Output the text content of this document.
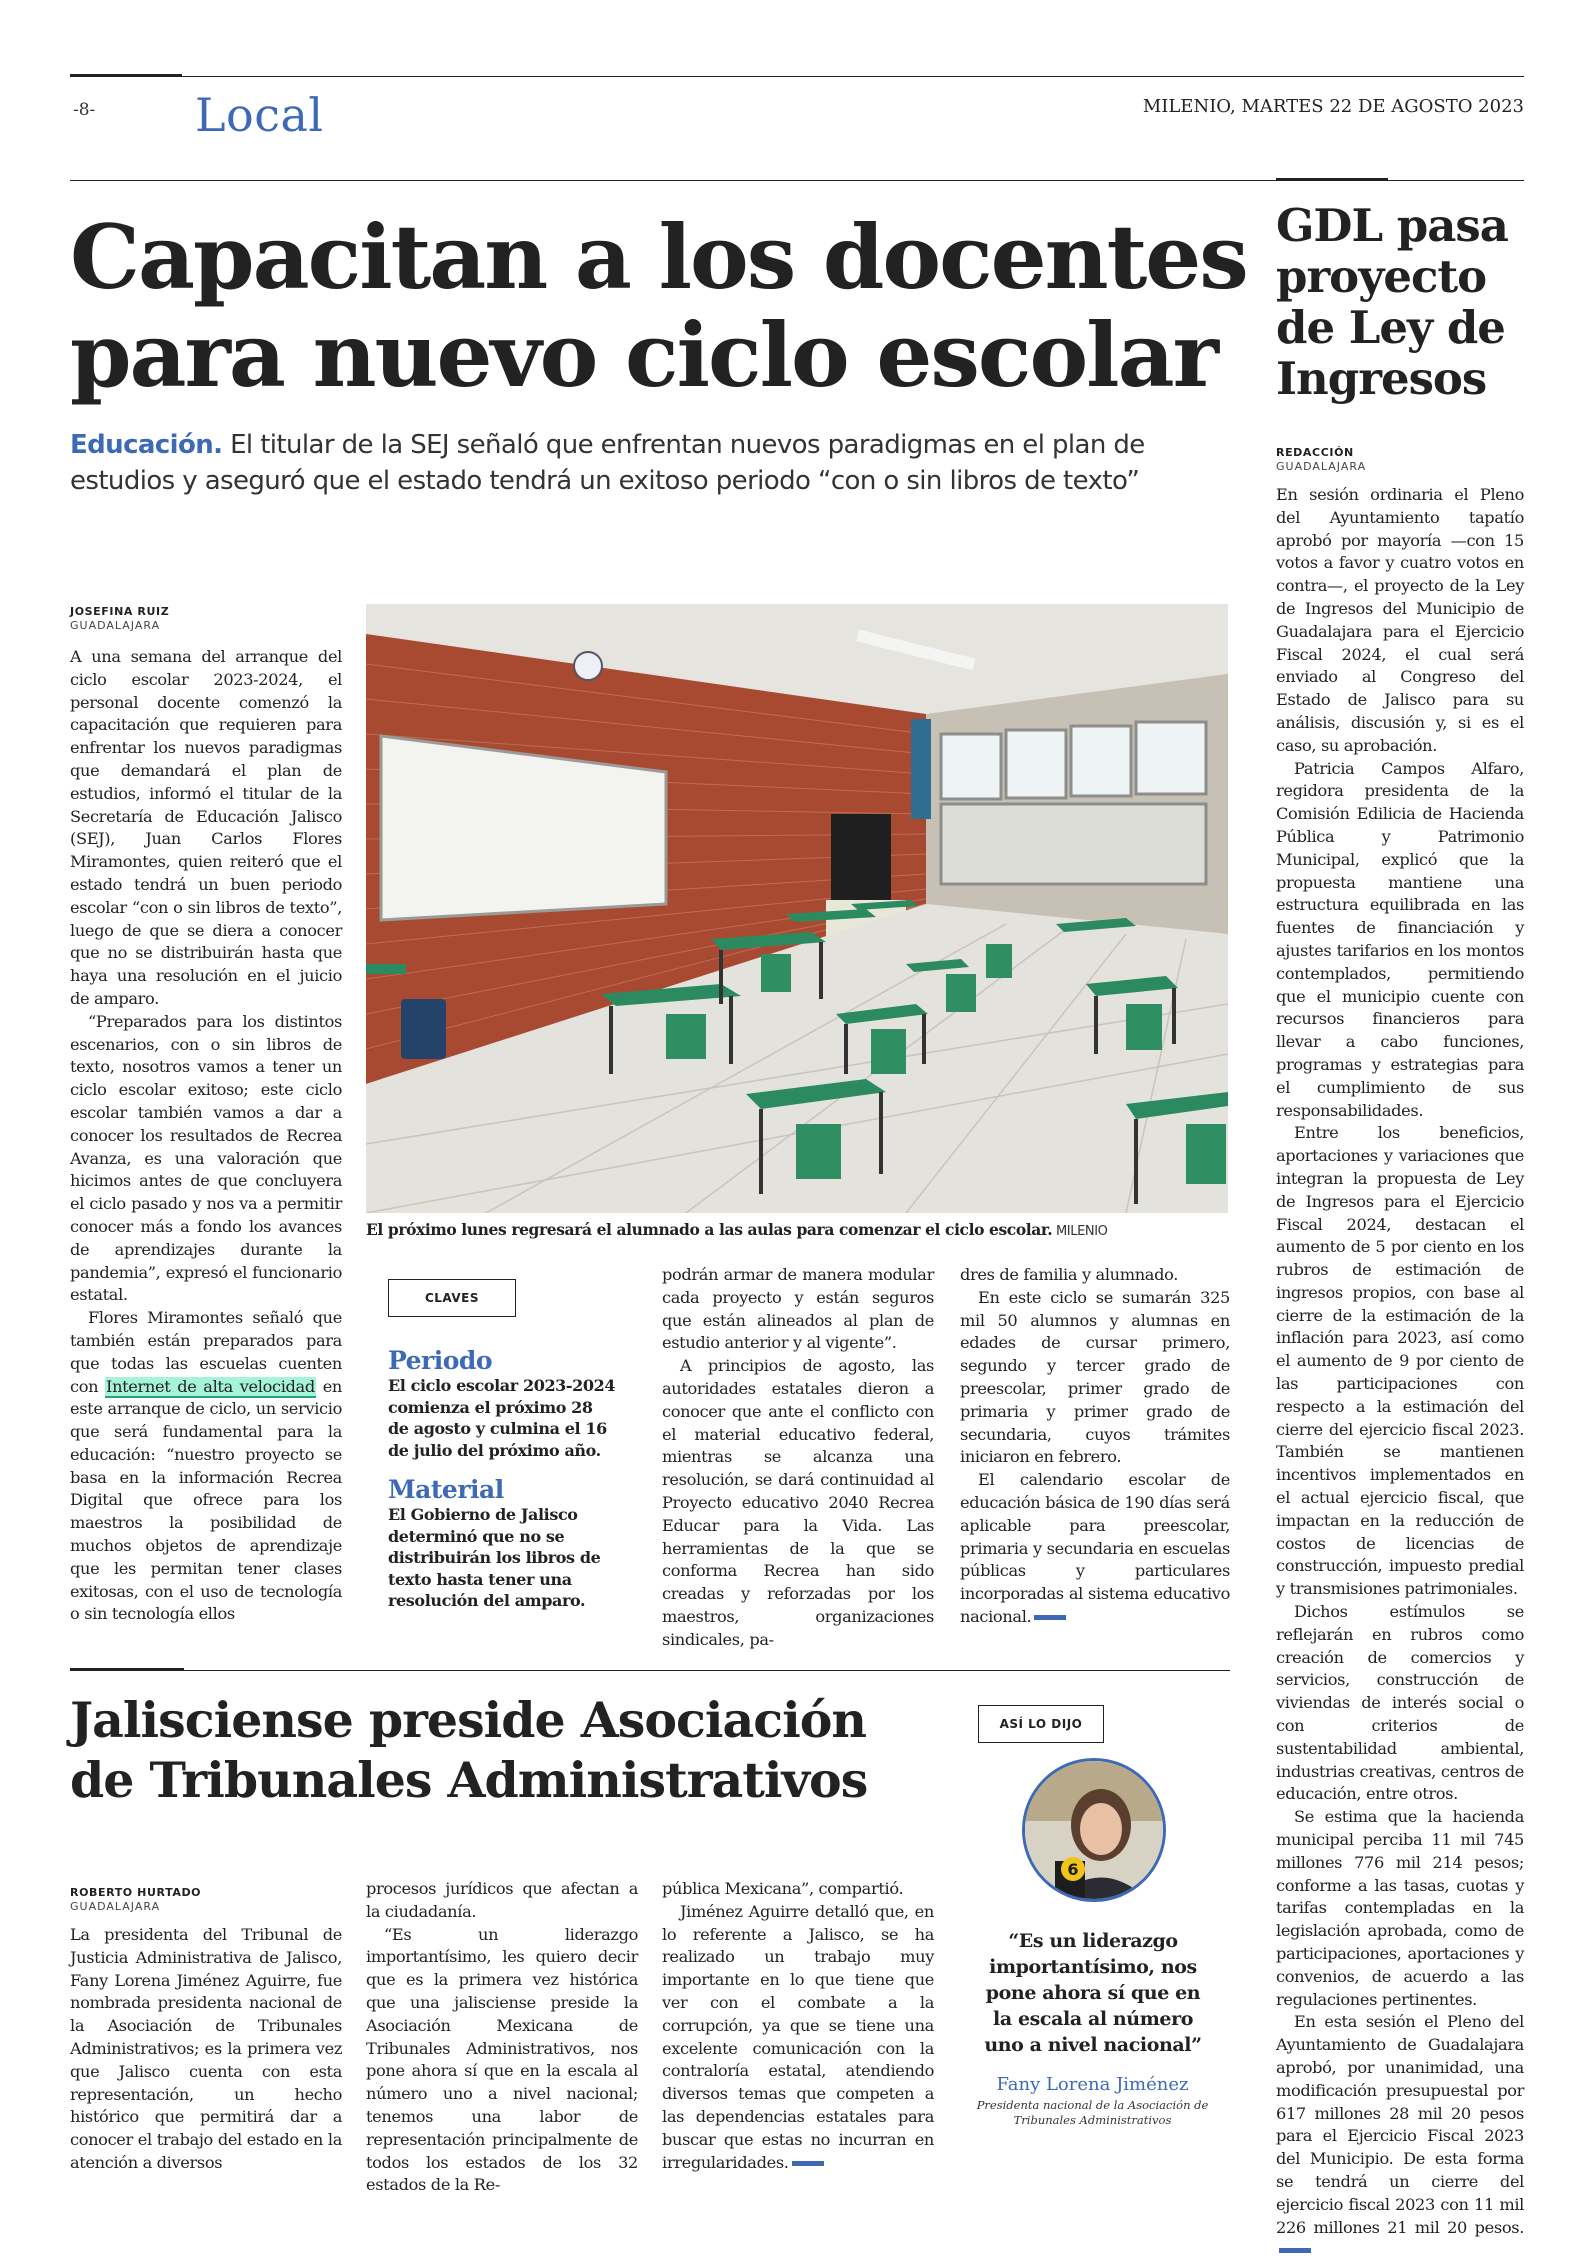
-8- Local	MILENIO, MARTES 22 DE AGOSTO 2023
Capacitan a los docentes
para nuevo ciclo escolar
Educación. El titular de la SEJ señaló que enfrentan nuevos paradigmas en el plan de
estudios y aseguró que el estado tendrá un exitoso periodo “con o sin libros de texto”
JOSEFINA RUIZ
GUADALAJARA

A una semana del arranque del ciclo escolar 2023-2024, el personal docente comenzó la capacitación que requieren para enfrentar los nuevos paradigmas que demandará el plan de estudios, informó el titular de la Secretaría de Educación Jalisco (SEJ), Juan Carlos Flores Miramontes, quien reiteró que el estado tendrá un buen periodo escolar “con o sin libros de texto”, luego de que se diera a conocer que no se distribuirán hasta que haya una resolución en el juicio de amparo.

“Preparados para los distintos escenarios, con o sin libros de texto, nosotros vamos a tener un ciclo escolar exitoso; este ciclo escolar también vamos a dar a conocer los resultados de Recrea Avanza, es una valoración que hicimos antes de que concluyera el ciclo pasado y nos va a permitir conocer más a fondo los avances de aprendizajes durante la pandemia”, expresó el funcionario estatal.

Flores Miramontes señaló que también están preparados para que todas las escuelas cuenten con Internet de alta velocidad en este arranque de ciclo, un servicio que será fundamental para la educación: “nuestro proyecto se basa en la información Recrea Digital que ofrece para los maestros la posibilidad de muchos objetos de aprendizaje que les permitan tener clases exitosas, con el uso de tecnología o sin tecnología ellos

El próximo lunes regresará el alumnado a las aulas para comenzar el ciclo escolar. MILENIO
CLAVES
Periodo
El ciclo escolar 2023-2024 comienza el próximo 28 de agosto y culmina el 16 de julio del próximo año.
Material
El Gobierno de Jalisco determinó que no se distribuirán los libros de texto hasta tener una resolución del amparo.

podrán armar de manera modular cada proyecto y están seguros que están alineados al plan de estudio anterior y al vigente”.

A principios de agosto, las autoridades estatales dieron a conocer que ante el conflicto con el material educativo federal, mientras se alcanza una resolución, se dará continuidad al Proyecto educativo 2040 Recrea Educar para la Vida. Las herramientas de la que se conforma Recrea han sido creadas y reforzadas por los maestros, organizaciones sindicales, pa-

dres de familia y alumnado.

En este ciclo se sumarán 325 mil 50 alumnos y alumnas en edades de cursar primero, segundo y tercer grado de preescolar, primer grado de primaria y primer grado de secundaria, cuyos trámites iniciaron en febrero.

El calendario escolar de educación básica de 190 días será aplicable para preescolar, primaria y secundaria en escuelas públicas y particulares incorporadas al sistema educativo nacional.

GDL pasa proyecto de Ley de Ingresos
REDACCIÓN
GUADALAJARA

En sesión ordinaria el Pleno del Ayuntamiento tapatío aprobó por mayoría —con 15 votos a favor y cuatro votos en contra—, el proyecto de la Ley de Ingresos del Municipio de Guadalajara para el Ejercicio Fiscal 2024, el cual será enviado al Congreso del Estado de Jalisco para su análisis, discusión y, si es el caso, su aprobación.

Patricia Campos Alfaro, regidora presidenta de la Comisión Edilicia de Hacienda Pública y Patrimonio Municipal, explicó que la propuesta mantiene una estructura equilibrada en las fuentes de financiación y ajustes tarifarios en los montos contemplados, permitiendo que el municipio cuente con recursos financieros para llevar a cabo funciones, programas y estrategias para el cumplimiento de sus responsabilidades.

Entre los beneficios, aportaciones y variaciones que integran la propuesta de Ley de Ingresos para el Ejercicio Fiscal 2024, destacan el aumento de 5 por ciento en los rubros de estimación de ingresos propios, con base al cierre de la estimación de la inflación para 2023, así como el aumento de 9 por ciento de las participaciones con respecto a la estimación del cierre del ejercicio fiscal 2023. También se mantienen incentivos implementados en el actual ejercicio fiscal, que impactan en la reducción de costos de licencias de construcción, impuesto predial y transmisiones patrimoniales.

Dichos estímulos se reflejarán en rubros como creación de comercios y servicios, construcción de viviendas de interés social o con criterios de sustentabilidad ambiental, industrias creativas, centros de educación, entre otros.

Se estima que la hacienda municipal perciba 11 mil 745 millones 776 mil 214 pesos; conforme a las tasas, cuotas y tarifas contempladas en la legislación aprobada, como de participaciones, aportaciones y convenios, de acuerdo a las regulaciones pertinentes.

En esta sesión el Pleno del Ayuntamiento de Guadalajara aprobó, por unanimidad, una modificación presupuestal por 617 millones 28 mil 20 pesos para el Ejercicio Fiscal 2023 del Municipio. De esta forma se tendrá un cierre del ejercicio fiscal 2023 con 11 mil 226 millones 21 mil 20 pesos.

Jalisciense preside Asociación
de Tribunales Administrativos
ROBERTO HURTADO
GUADALAJARA

La presidenta del Tribunal de Justicia Administrativa de Jalisco, Fany Lorena Jiménez Aguirre, fue nombrada presidenta nacional de la Asociación de Tribunales Administrativos; es la primera vez que Jalisco cuenta con esta representación, un hecho histórico que permitirá dar a conocer el trabajo del estado en la atención a diversos

procesos jurídicos que afectan a la ciudadanía.

“Es un liderazgo importantísimo, les quiero decir que es la primera vez histórica que una jalisciense preside la Asociación Mexicana de Tribunales Administrativos, nos pone ahora sí que en la escala al número uno a nivel nacional; tenemos una labor de representación principalmente de todos los estados de los 32 estados de la Re-

pública Mexicana”, compartió.

Jiménez Aguirre detalló que, en lo referente a Jalisco, se ha realizado un trabajo muy importante en lo que tiene que ver con el combate a la corrupción, ya que se tiene una excelente comunicación con la contraloría estatal, atendiendo diversos temas que competen a las dependencias estatales para buscar que estas no incurran en irregularidades.

ASÍ LO DIJO
6
“Es un liderazgo importantísimo, nos pone ahora sí que en la escala al número uno a nivel nacional”
Fany Lorena Jiménez
Presidenta nacional de la Asociación de Tribunales Administrativos
